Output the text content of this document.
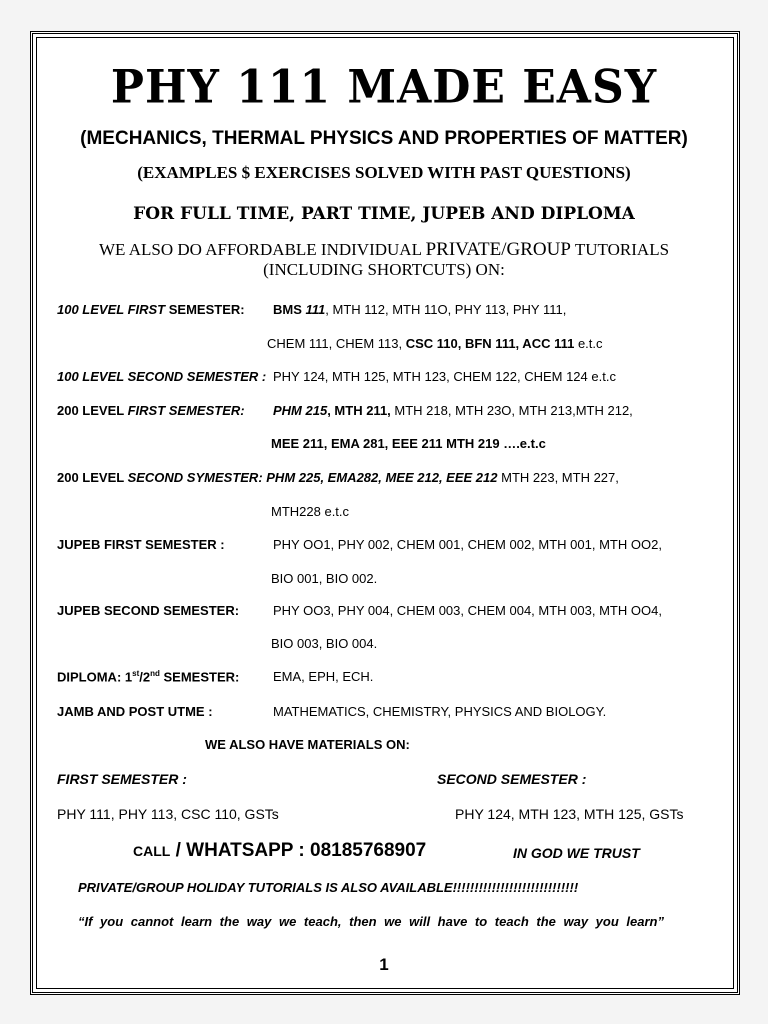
PHY 111 MADE EASY
(MECHANICS, THERMAL PHYSICS AND PROPERTIES OF MATTER)
(EXAMPLES $ EXERCISES SOLVED WITH PAST QUESTIONS)
FOR FULL TIME, PART TIME, JUPEB AND DIPLOMA
WE ALSO DO AFFORDABLE INDIVIDUAL PRIVATE/GROUP TUTORIALS
(INCLUDING SHORTCUTS) ON:
100 LEVEL FIRST SEMESTER: BMS 111, MTH 112, MTH 11O, PHY 113, PHY 111,
CHEM 111, CHEM 113, CSC 110, BFN 111, ACC 111 e.t.c
100 LEVEL SECOND SEMESTER : PHY 124, MTH 125, MTH 123, CHEM 122, CHEM 124 e.t.c
200 LEVEL FIRST SEMESTER: PHM 215, MTH 211, MTH 218, MTH 23O, MTH 213,MTH 212,
MEE 211, EMA 281, EEE 211 MTH 219 ….e.t.c
200 LEVEL SECOND SYMESTER: PHM 225, EMA282, MEE 212, EEE 212 MTH 223, MTH 227,
MTH228 e.t.c
JUPEB FIRST SEMESTER :	PHY OO1, PHY 002, CHEM 001, CHEM 002, MTH 001, MTH OO2,
BIO 001, BIO 002.
JUPEB SECOND SEMESTER:	PHY OO3, PHY 004, CHEM 003, CHEM 004, MTH 003, MTH OO4,
BIO 003, BIO 004.
DIPLOMA: 1st/2nd SEMESTER:	EMA, EPH, ECH.
JAMB AND POST UTME :	MATHEMATICS, CHEMISTRY, PHYSICS AND BIOLOGY.
WE ALSO HAVE MATERIALS ON:
FIRST SEMESTER :	SECOND SEMESTER :
PHY 111, PHY 113, CSC 110, GSTs	PHY 124, MTH 123, MTH 125, GSTs
CALL / WHATSAPP : 08185768907	IN GOD WE TRUST
PRIVATE/GROUP HOLIDAY TUTORIALS IS ALSO AVAILABLE!!!!!!!!!!!!!!!!!!!!!!!!!!!!!
“If you cannot learn the way we teach, then we will have to teach the way you learn”
1
